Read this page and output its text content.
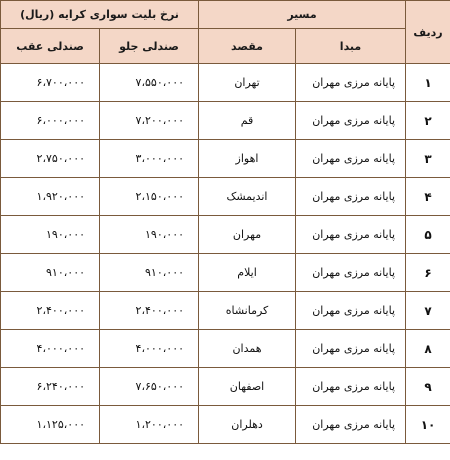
ردیف	مسیر		نرخ بلیت سواری کرایه (ریال)	
	مبدا	مقصد	صندلی جلو	صندلی عقب
۱	پایانه مرزی مهران	تهران	۷،۵۵۰،۰۰۰	۶،۷۰۰،۰۰۰
۲	پایانه مرزی مهران	قم	۷،۲۰۰،۰۰۰	۶،۰۰۰،۰۰۰
۳	پایانه مرزی مهران	اهواز	۳،۰۰۰،۰۰۰	۲،۷۵۰،۰۰۰
۴	پایانه مرزی مهران	اندیمشک	۲،۱۵۰،۰۰۰	۱،۹۲۰،۰۰۰
۵	پایانه مرزی مهران	مهران	۱۹۰،۰۰۰	۱۹۰،۰۰۰
۶	پایانه مرزی مهران	ایلام	۹۱۰،۰۰۰	۹۱۰،۰۰۰
۷	پایانه مرزی مهران	کرمانشاه	۲،۴۰۰،۰۰۰	۲،۴۰۰،۰۰۰
۸	پایانه مرزی مهران	همدان	۴،۰۰۰،۰۰۰	۴،۰۰۰،۰۰۰
۹	پایانه مرزی مهران	اصفهان	۷،۶۵۰،۰۰۰	۶،۲۴۰،۰۰۰
۱۰	پایانه مرزی مهران	دهلران	۱،۲۰۰،۰۰۰	۱،۱۲۵،۰۰۰
